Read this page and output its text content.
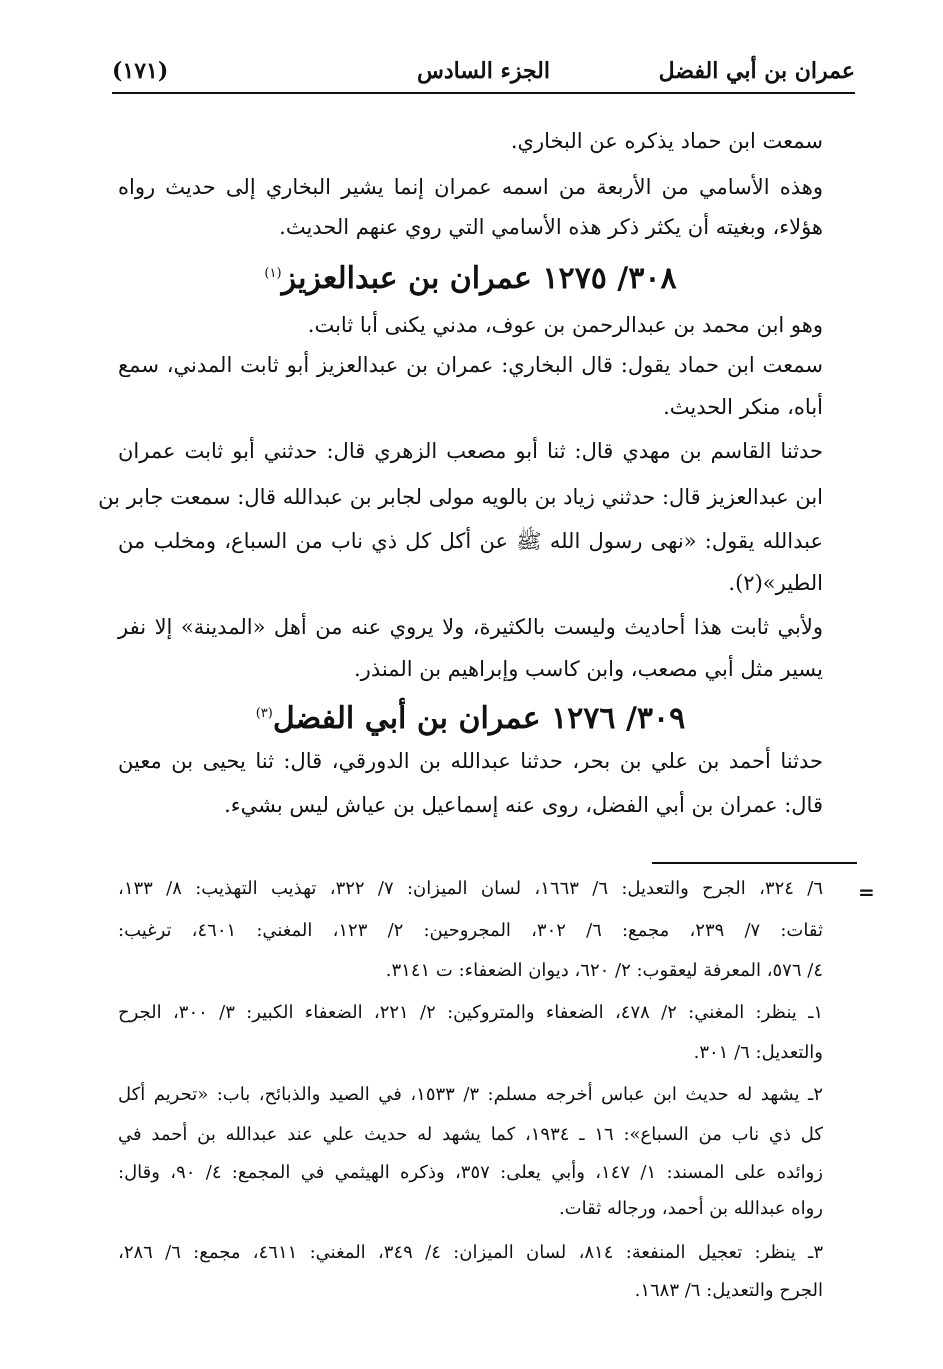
عمران بن أبي الفضل
الجزء السادس
(١٧١)
سمعت ابن حماد يذكره عن البخاري.
وهذه الأسامي من الأربعة من اسمه عمران إنما يشير البخاري إلى حديث رواه
هؤلاء، وبغيته أن يكثر ذكر هذه الأسامي التي روي عنهم الحديث.
٣٠٨/ ١٢٧٥ عمران بن عبدالعزيز$^{(١)}$
وهو ابن محمد بن عبدالرحمن بن عوف، مدني يكنى أبا ثابت.
سمعت ابن حماد يقول: قال البخاري: عمران بن عبدالعزيز أبو ثابت المدني، سمع
أباه، منكر الحديث.
حدثنا القاسم بن مهدي قال: ثنا أبو مصعب الزهري قال: حدثني أبو ثابت عمران
ابن عبدالعزيز قال: حدثني زياد بن بالويه مولى لجابر بن عبدالله قال: سمعت جابر بن
عبدالله يقول: «نهى رسول الله ﷺ عن أكل كل ذي ناب من السباع، ومخلب من
الطير»(٢).
ولأبي ثابت هذا أحاديث وليست بالكثيرة، ولا يروي عنه من أهل «المدينة» إلا نفر
يسير مثل أبي مصعب، وابن كاسب وإبراهيم بن المنذر.
٣٠٩/ ١٢٧٦ عمران بن أبي الفضل$^{(٣)}$
حدثنا أحمد بن علي بن بحر، حدثنا عبدالله بن الدورقي، قال: ثنا يحيى بن معين
قال: عمران بن أبي الفضل، روى عنه إسماعيل بن عياش ليس بشيء.
=
٦/ ٣٢٤، الجرح والتعديل: ٦/ ١٦٦٣، لسان الميزان: ٧/ ٣٢٢، تهذيب التهذيب: ٨/ ١٣٣،
ثقات: ٧/ ٢٣٩، مجمع: ٦/ ٣٠٢، المجروحين: ٢/ ١٢٣، المغني: ٤٦٠١، ترغيب:
٤/ ٥٧٦، المعرفة ليعقوب: ٢/ ٦٢٠، ديوان الضعفاء: ت ٣١٤١.
١ـ ينظر: المغني: ٢/ ٤٧٨، الضعفاء والمتروكين: ٢/ ٢٢١، الضعفاء الكبير: ٣/ ٣٠٠، الجرح
والتعديل: ٦/ ٣٠١.
٢ـ يشهد له حديث ابن عباس أخرجه مسلم: ٣/ ١٥٣٣، في الصيد والذبائح، باب: «تحريم أكل
كل ذي ناب من السباع»: ١٦ ـ ١٩٣٤، كما يشهد له حديث علي عند عبدالله بن أحمد في
زوائده على المسند: ١/ ١٤٧، وأبي يعلى: ٣٥٧، وذكره الهيثمي في المجمع: ٤/ ٩٠، وقال:
رواه عبدالله بن أحمد، ورجاله ثقات.
٣ـ ينظر: تعجيل المنفعة: ٨١٤، لسان الميزان: ٤/ ٣٤٩، المغني: ٤٦١١، مجمع: ٦/ ٢٨٦،
الجرح والتعديل: ٦/ ١٦٨٣.
